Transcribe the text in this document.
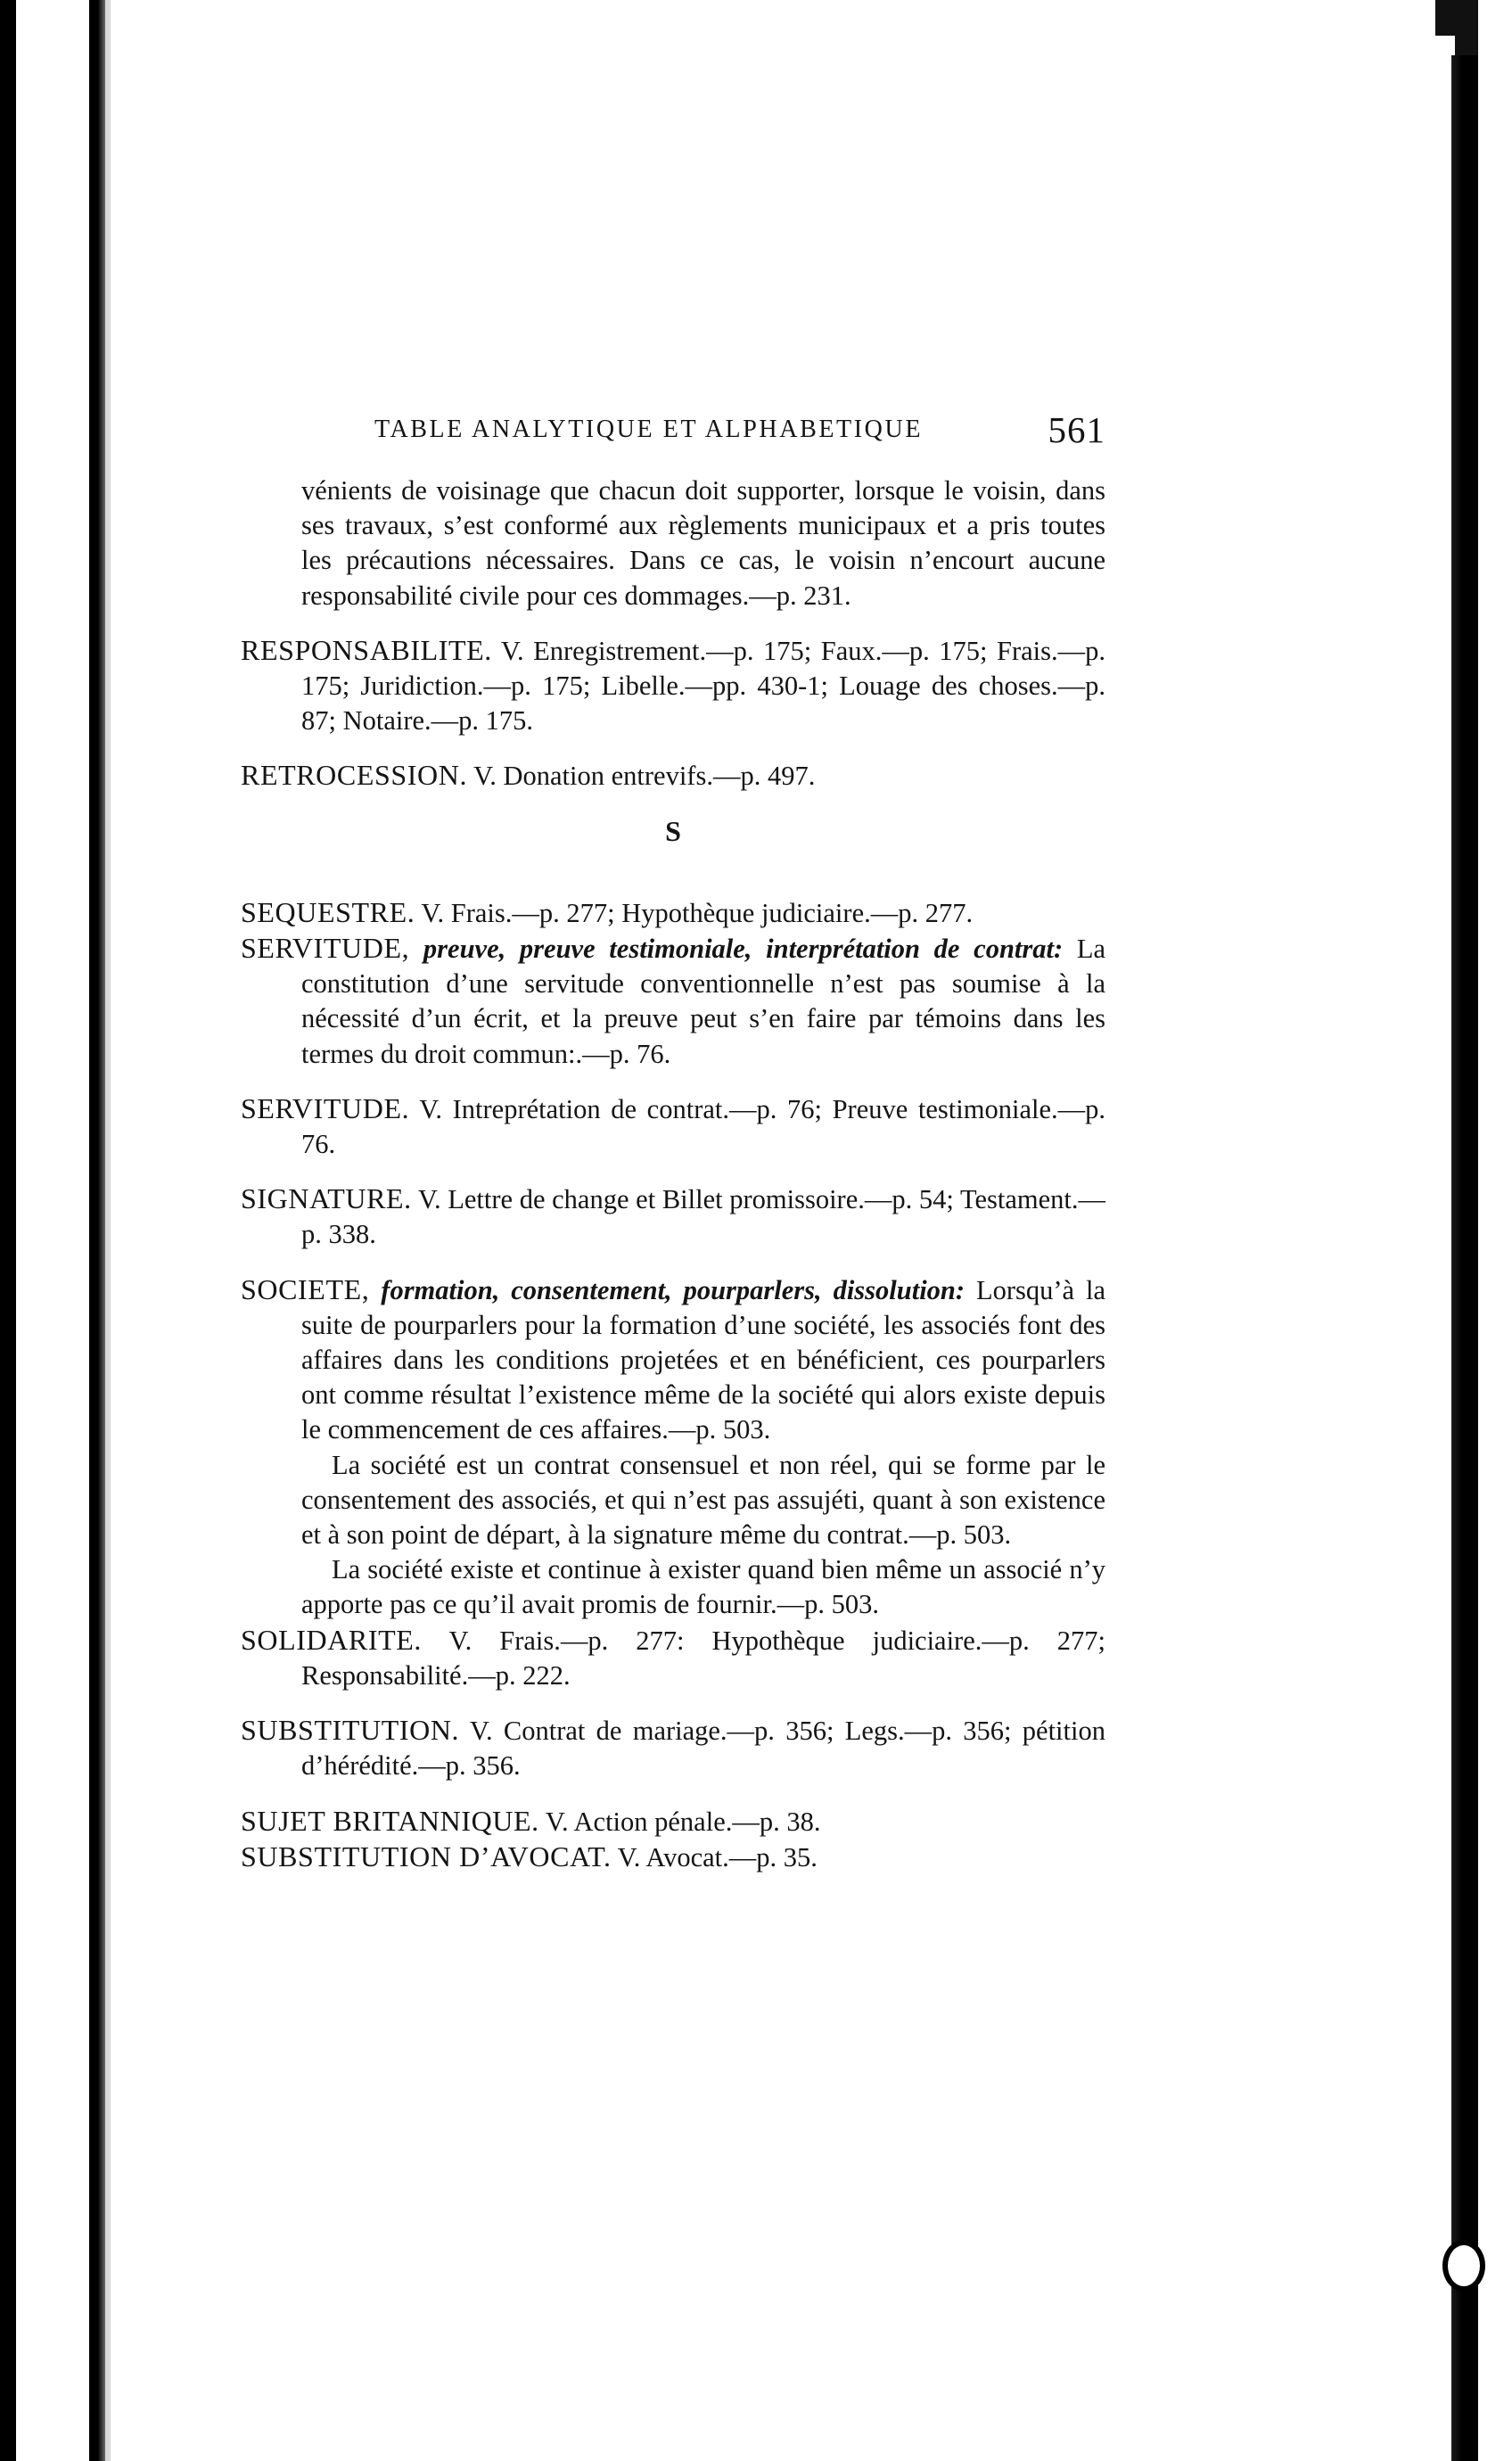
TABLE ANALYTIQUE ET ALPHABETIQUE	561
vénients de voisinage que chacun doit supporter, lorsque le voisin, dans ses travaux, s’est conformé aux règlements municipaux et a pris toutes les précautions nécessaires. Dans ce cas, le voisin n’encourt aucune responsabilité civile pour ces dommages.—p. 231.
RESPONSABILITE. V. Enregistrement.—p. 175; Faux.—p. 175; Frais.—p. 175; Juridiction.—p. 175; Libelle.—pp. 430-1; Louage des choses.—p. 87; Notaire.—p. 175.
RETROCESSION. V. Donation entrevifs.—p. 497.
S
SEQUESTRE. V. Frais.—p. 277; Hypothèque judiciaire.—p. 277.
SERVITUDE, preuve, preuve testimoniale, interprétation de contrat: La constitution d’une servitude conventionnelle n’est pas soumise à la nécessité d’un écrit, et la preuve peut s’en faire par témoins dans les termes du droit commun:.—p. 76.
SERVITUDE. V. Intreprétation de contrat.—p. 76; Preuve testimoniale.—p. 76.
SIGNATURE. V. Lettre de change et Billet promissoire.—p. 54; Testament.—p. 338.
SOCIETE, formation, consentement, pourparlers, dissolution: Lorsqu’à la suite de pourparlers pour la formation d’une société, les associés font des affaires dans les conditions projetées et en bénéficient, ces pourparlers ont comme résultat l’existence même de la société qui alors existe depuis le commencement de ces affaires.—p. 503.

La société est un contrat consensuel et non réel, qui se forme par le consentement des associés, et qui n’est pas assujéti, quant à son existence et à son point de départ, à la signature même du contrat.—p. 503.

La société existe et continue à exister quand bien même un associé n’y apporte pas ce qu’il avait promis de fournir.—p. 503.

SOLIDARITE. V. Frais.—p. 277: Hypothèque judiciaire.—p. 277; Responsabilité.—p. 222.
SUBSTITUTION. V. Contrat de mariage.—p. 356; Legs.—p. 356; pétition d’hérédité.—p. 356.
SUJET BRITANNIQUE. V. Action pénale.—p. 38.
SUBSTITUTION D’AVOCAT. V. Avocat.—p. 35.
